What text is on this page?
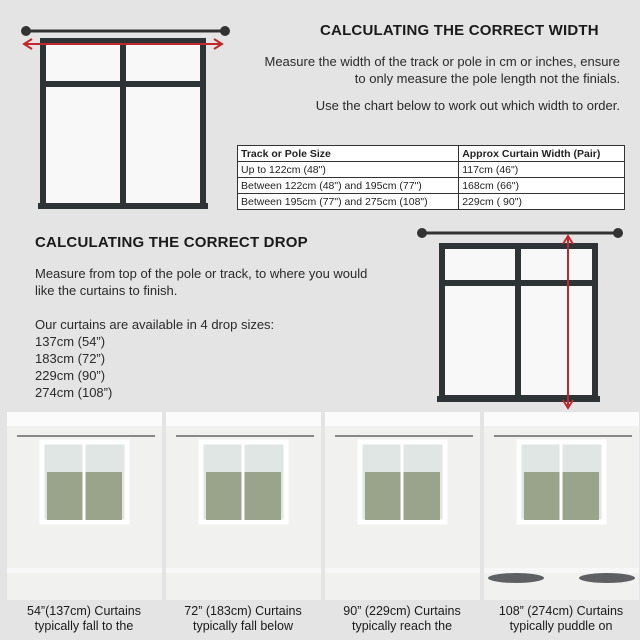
CALCULATING THE CORRECT WIDTH
Measure the width of the track or pole in cm or inches, ensure
to only measure the pole length not the finials.
Use the chart below to work out which width to order.
Track or Pole Size	Approx Curtain Width (Pair)
Up to 122cm (48")	117cm (46")
Between 122cm (48") and 195cm (77")	168cm (66")
Between 195cm (77") and 275cm (108")	229cm ( 90")
CALCULATING THE CORRECT DROP
Measure from top of the pole or track, to where you would
like the curtains to finish.
Our curtains are available in 4 drop sizes:
137cm (54”)
183cm (72”)
229cm (90”)
274cm (108”)
54”(137cm) Curtains
typically fall to the
72” (183cm) Curtains
typically fall below
90” (229cm) Curtains
typically reach the
108” (274cm) Curtains
typically puddle on
